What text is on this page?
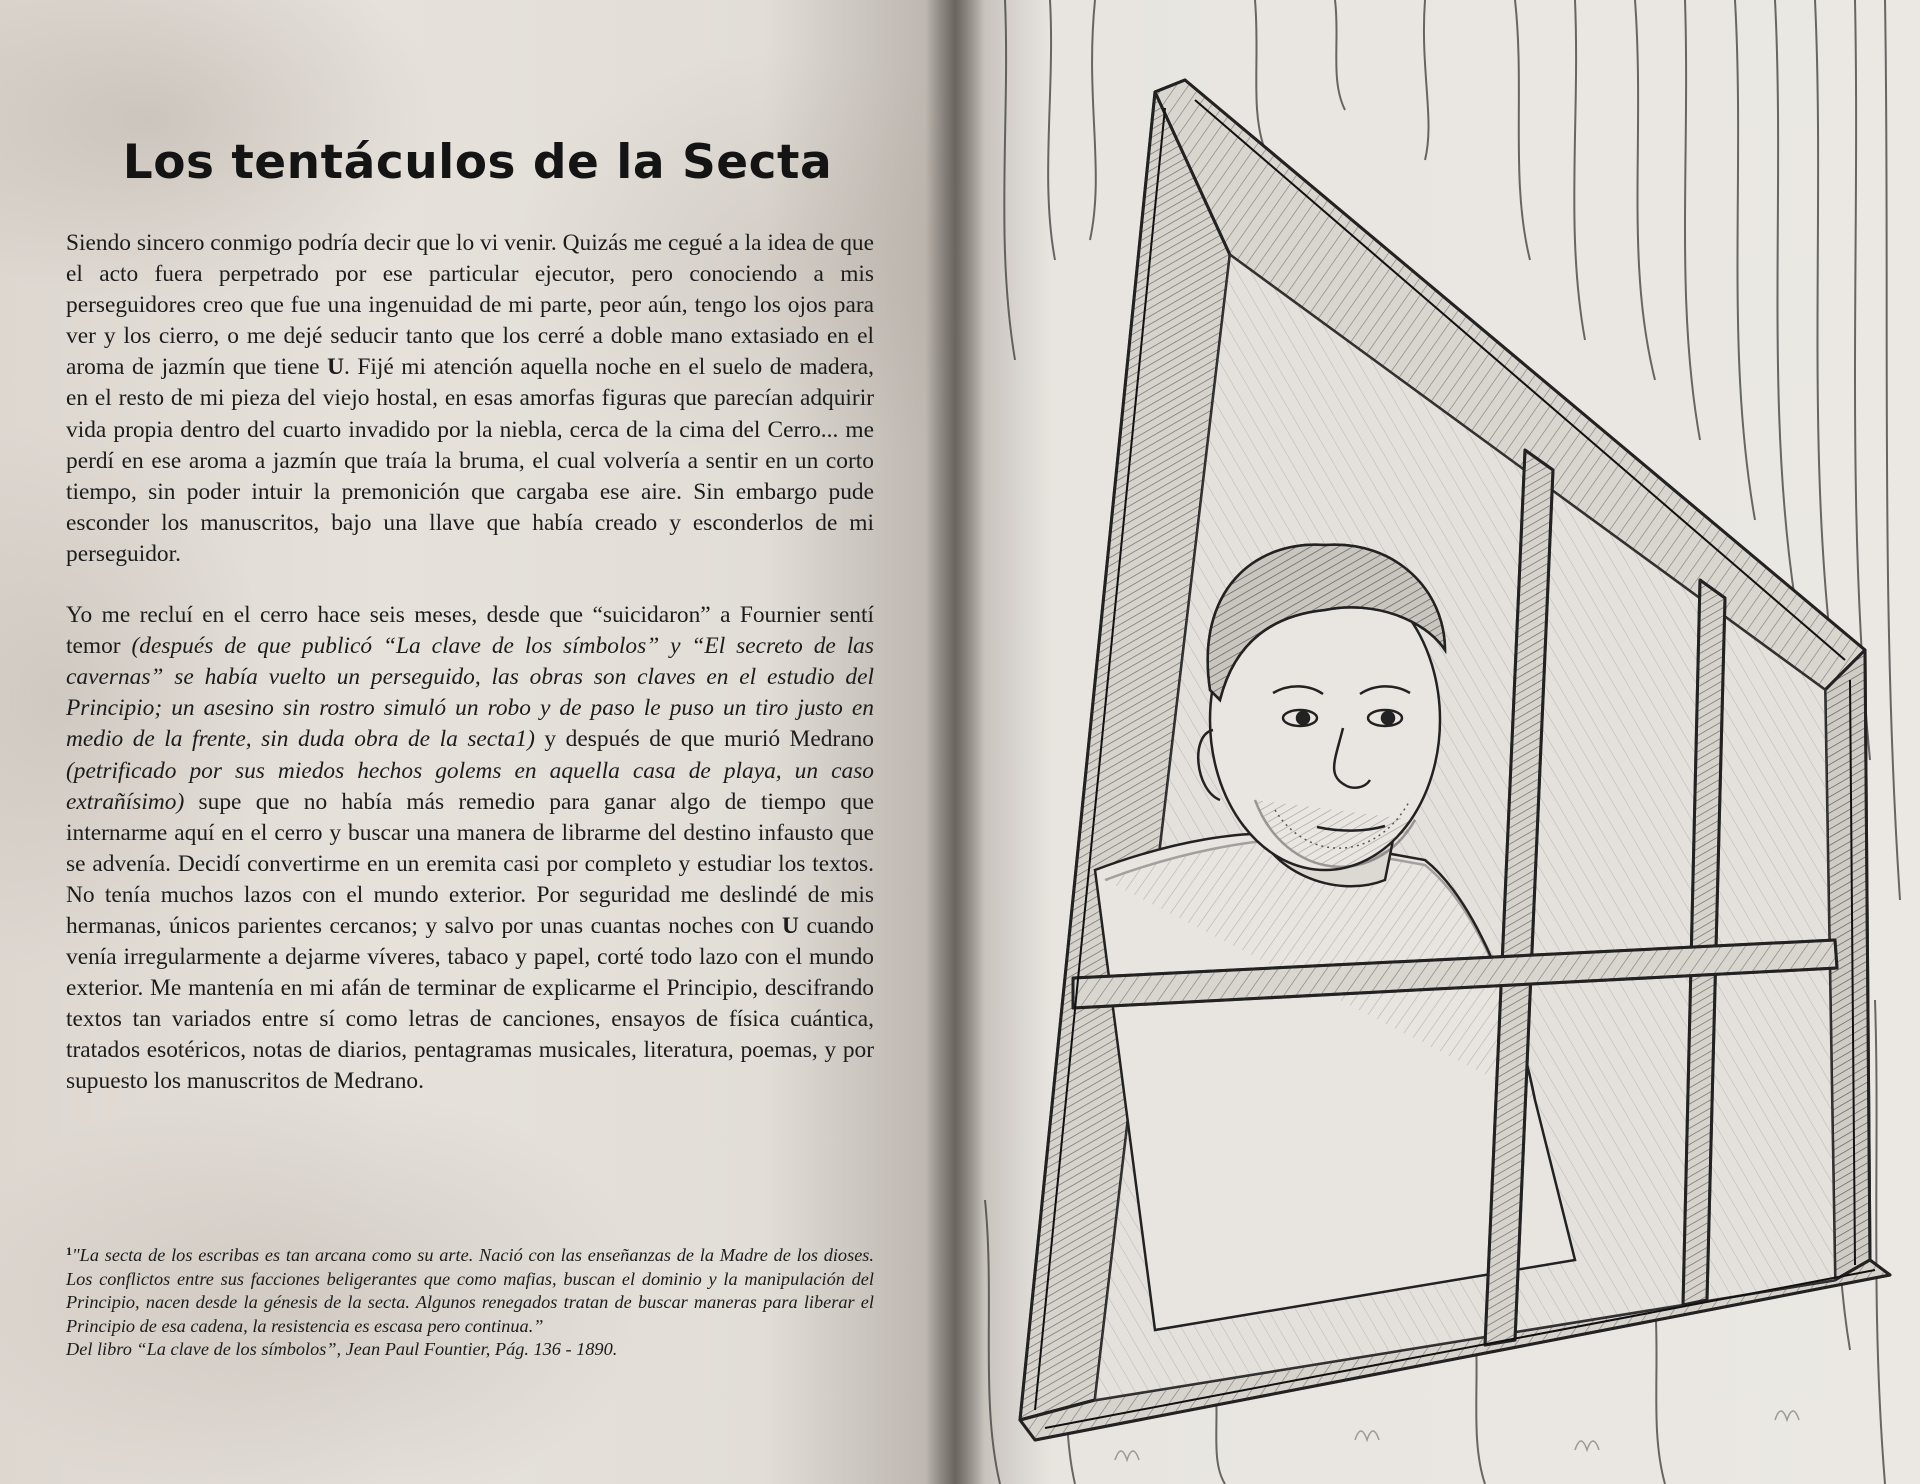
Los tentáculos de la Secta

Siendo sincero conmigo podría decir que lo vi venir. Quizás me cegué a la idea de que el acto fuera perpetrado por ese particular ejecutor, pero conociendo a mis perseguidores creo que fue una ingenuidad de mi parte, peor aún, tengo los ojos para ver y los cierro, o me dejé seducir tanto que los cerré a doble mano extasiado en el aroma de jazmín que tiene U. Fijé mi atención aquella noche en el suelo de madera, en el resto de mi pieza del viejo hostal, en esas amorfas figuras que parecían adquirir vida propia dentro del cuarto invadido por la niebla, cerca de la cima del Cerro... me perdí en ese aroma a jazmín que traía la bruma, el cual volvería a sentir en un corto tiempo, sin poder intuir la premonición que cargaba ese aire. Sin embargo pude esconder los manuscritos, bajo una llave que había creado y esconderlos de mi perseguidor.

Yo me recluí en el cerro hace seis meses, desde que “suicidaron” a Fournier sentí temor (después de que publicó “La clave de los símbolos” y “El secreto de las cavernas” se había vuelto un perseguido, las obras son claves en el estudio del Principio; un asesino sin rostro simuló un robo y de paso le puso un tiro justo en medio de la frente, sin duda obra de la secta1) y después de que murió Medrano (petrificado por sus miedos hechos golems en aquella casa de playa, un caso extrañísimo) supe que no había más remedio para ganar algo de tiempo que internarme aquí en el cerro y buscar una manera de librarme del destino infausto que se advenía. Decidí convertirme en un eremita casi por completo y estudiar los textos. No tenía muchos lazos con el mundo exterior. Por seguridad me deslindé de mis hermanas, únicos parientes cercanos; y salvo por unas cuantas noches con U cuando venía irregularmente a dejarme víveres, tabaco y papel, corté todo lazo con el mundo exterior. Me mantenía en mi afán de terminar de explicarme el Principio, descifrando textos tan variados entre sí como letras de canciones, ensayos de física cuántica, tratados esotéricos, notas de diarios, pentagramas musicales, literatura, poemas, y por supuesto los manuscritos de Medrano.

$^1$"La secta de los escribas es tan arcana como su arte. Nació con las enseñanzas de la Madre de los dioses. Los conflictos entre sus facciones beligerantes que como mafias, buscan el dominio y la manipulación del Principio, nacen desde la génesis de la secta. Algunos renegados tratan de buscar maneras para liberar el Principio de esa cadena, la resistencia es escasa pero continua.”
Del libro “La clave de los símbolos”, Jean Paul Fountier, Pág. 136 - 1890.
